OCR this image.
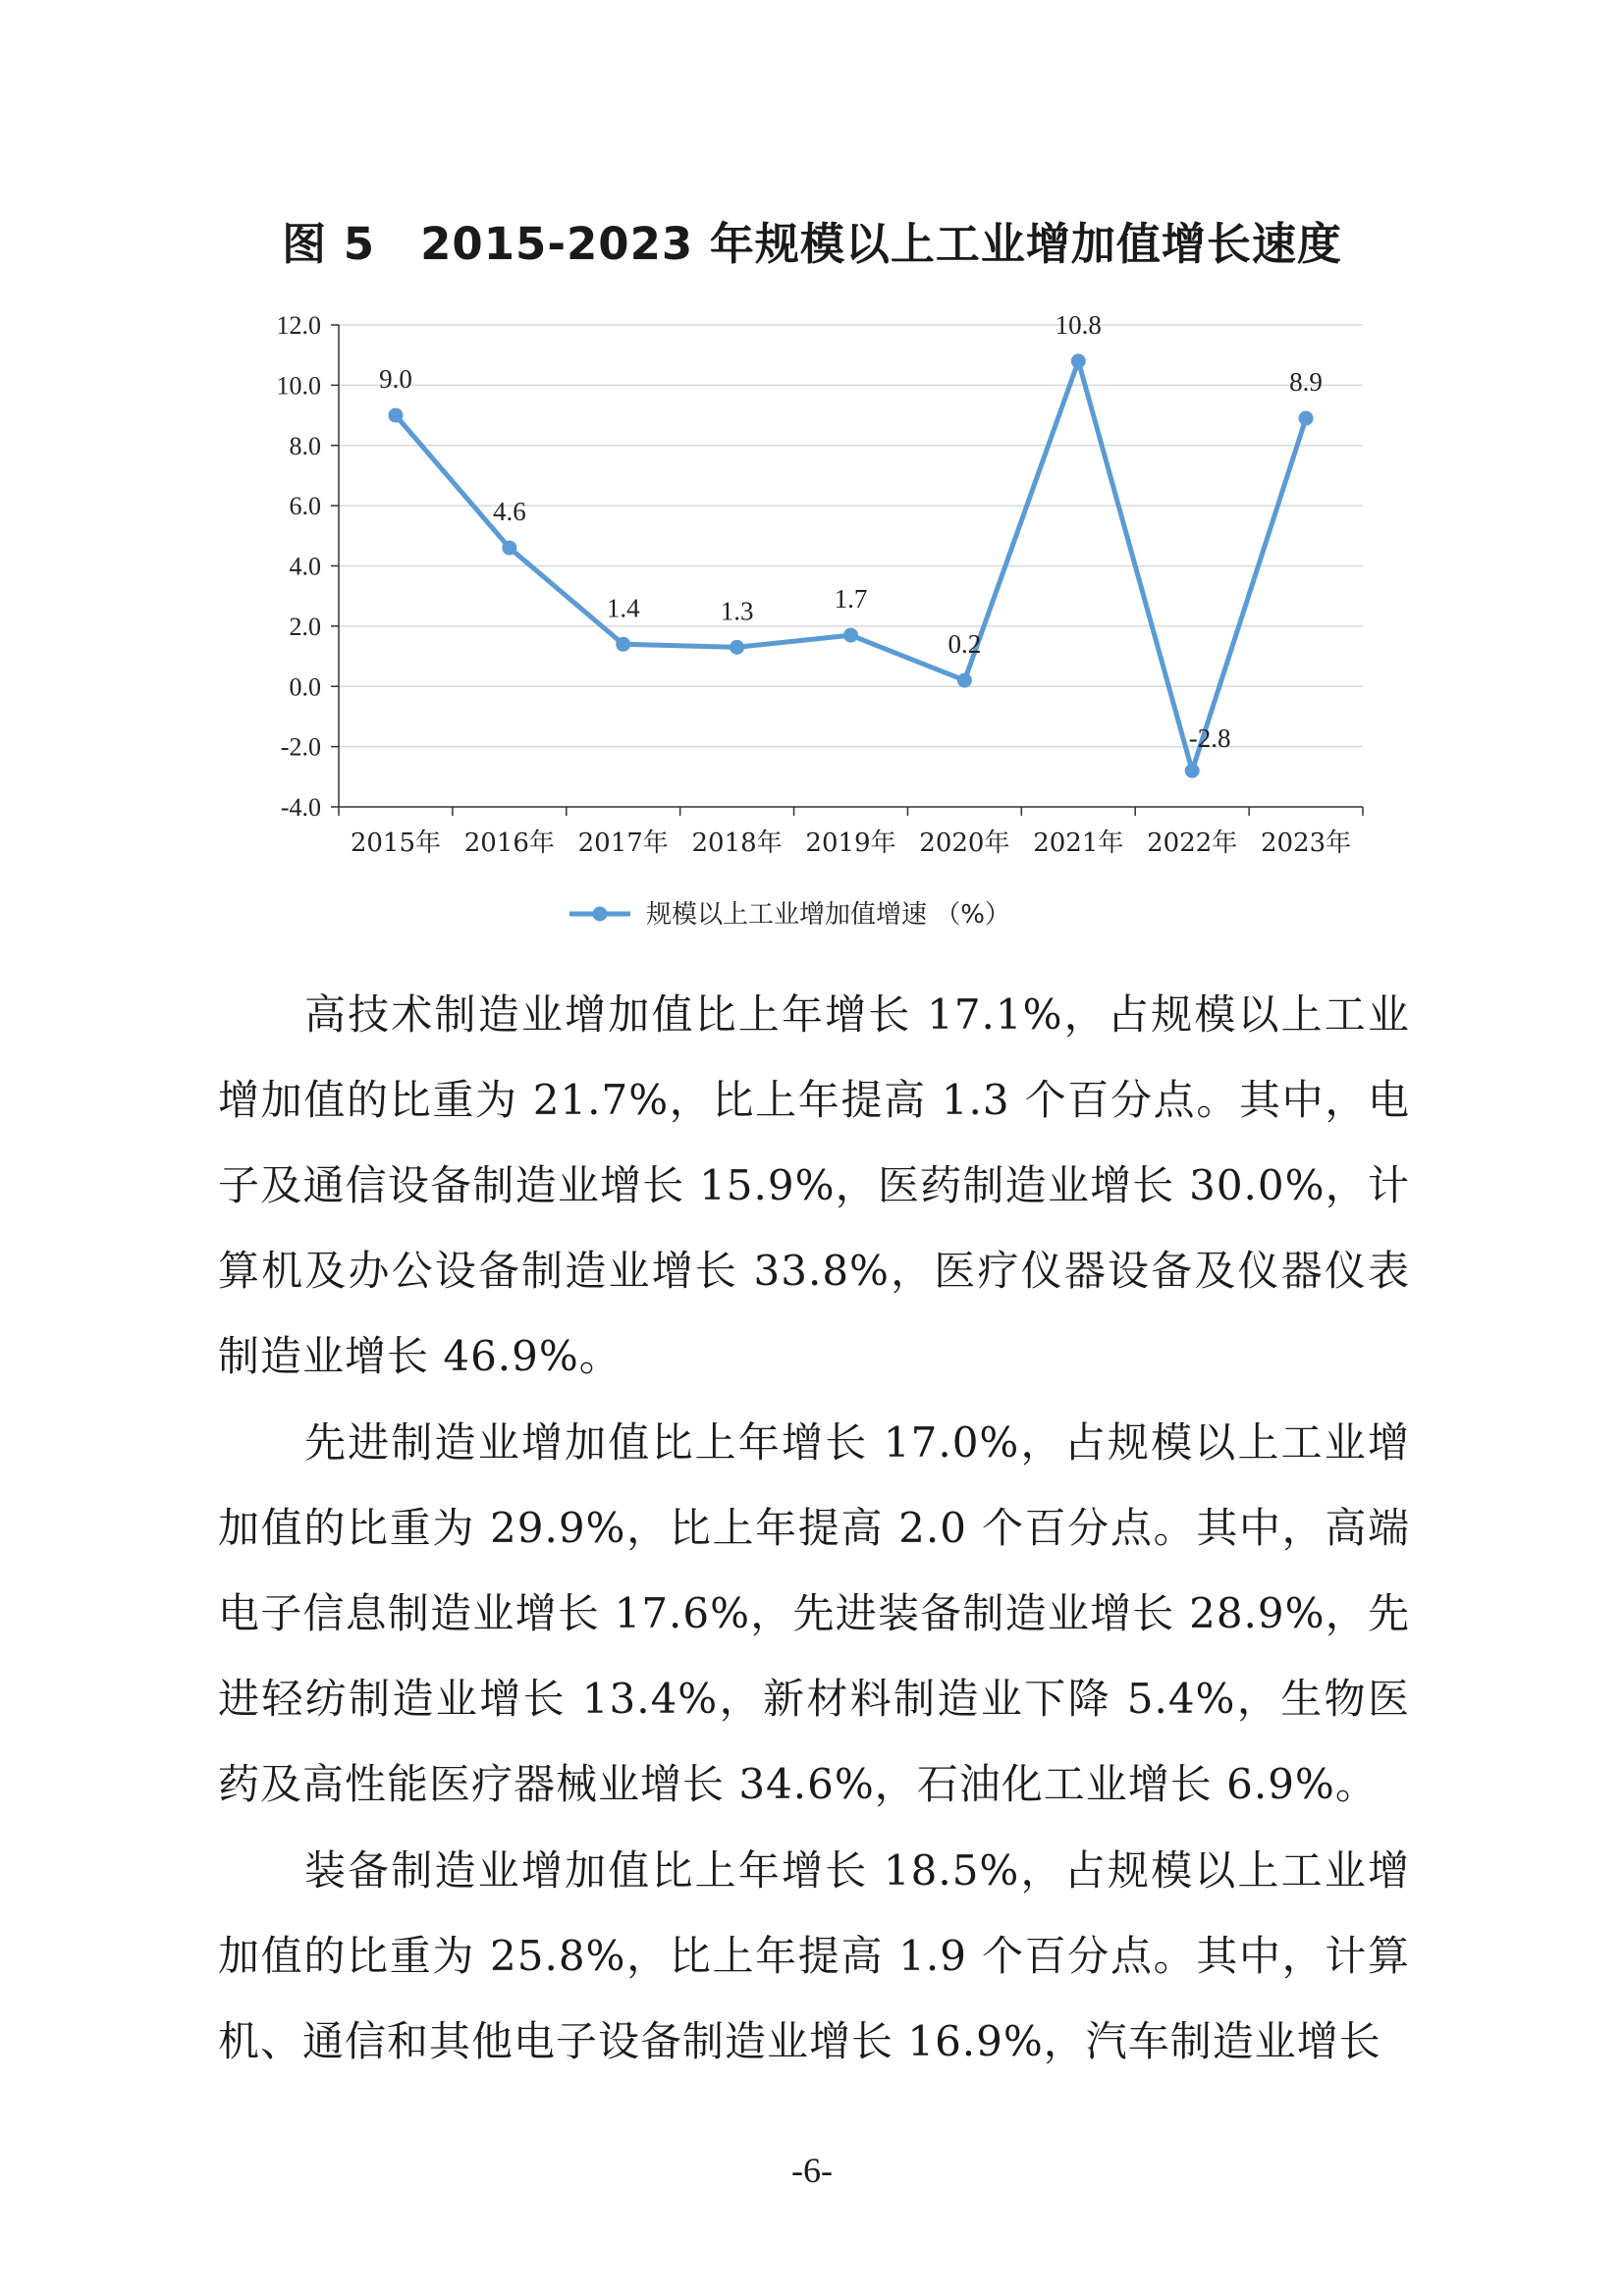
图 5　2015-2023 年规模以上工业增加值增长速度
-4.0
-2.0
0.0
2.0
4.0
6.0
8.0
10.0
12.0
2015年 2016年 2017年 2018年 2019年 2020年 2021年 2022年 2023年
9.0
4.6
1.4	1.3	1.7
0.2
10.8
-2.8
8.9
规模以上工业增加值增速 （%）

高技术制造业增加值比上年增长 17.1%，占规模以上工业增加值的比重为 21.7%，比上年提高 1.3 个百分点。其中，电子及通信设备制造业增长 15.9%，医药制造业增长 30.0%，计算机及办公设备制造业增长 33.8%，医疗仪器设备及仪器仪表制造业增长 46.9%。

先进制造业增加值比上年增长 17.0%，占规模以上工业增加值的比重为 29.9%，比上年提高 2.0 个百分点。其中，高端电子信息制造业增长 17.6%，先进装备制造业增长 28.9%，先进轻纺制造业增长 13.4%，新材料制造业下降 5.4%，生物医药及高性能医疗器械业增长 34.6%，石油化工业增长 6.9%。

装备制造业增加值比上年增长 18.5%，占规模以上工业增加值的比重为 25.8%，比上年提高 1.9 个百分点。其中，计算机、通信和其他电子设备制造业增长 16.9%，汽车制造业增长

-6-
